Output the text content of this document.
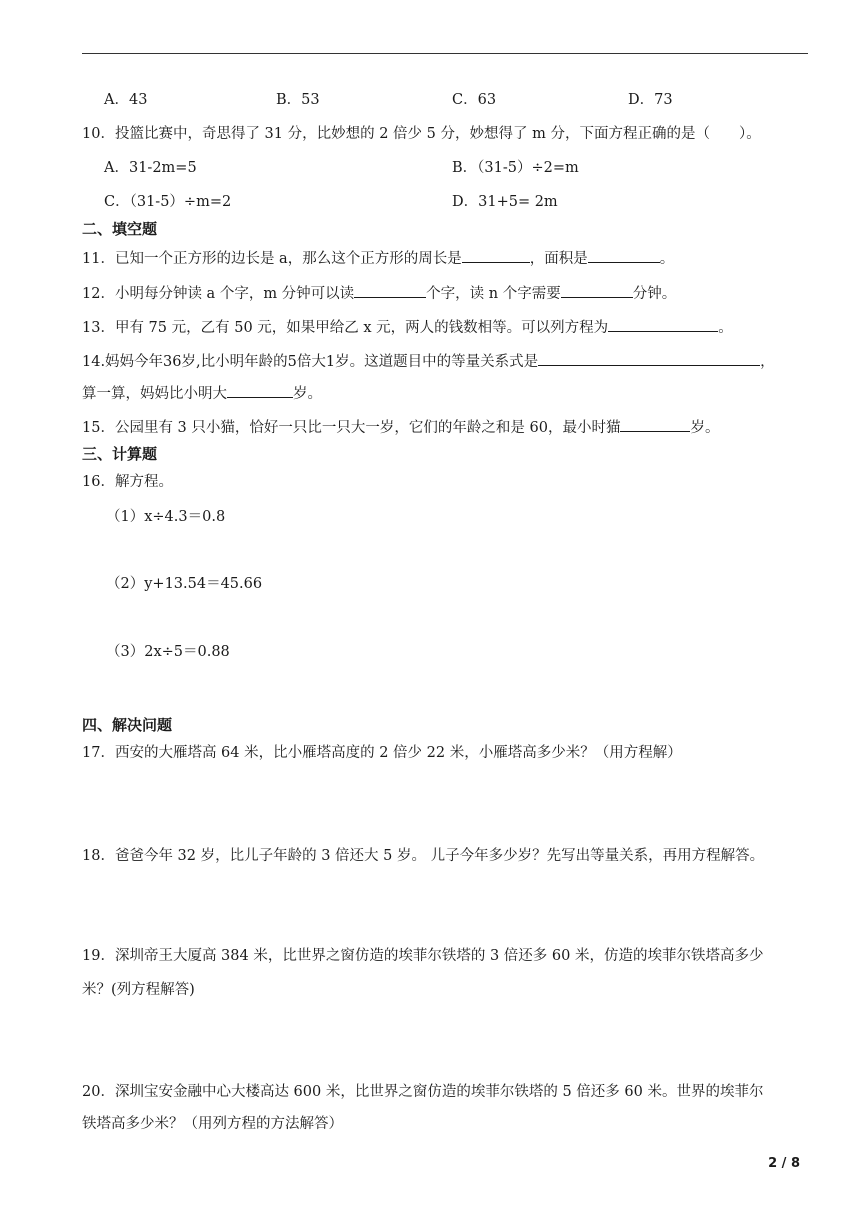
A．43	B．53	C．63	D．73
10．投篮比赛中，奇思得了 31 分，比妙想的 2 倍少 5 分，妙想得了 m 分，下面方程正确的是（　　）。
A．31-2m=5	B．（31-5）÷2=m
C．（31-5）÷m=2	D．31+5= 2m
二、填空题
11．已知一个正方形的边长是 a，那么这个正方形的周长是	，面积是	。
12．小明每分钟读 a 个字，m 分钟可以读	个字，读 n 个字需要	分钟。
13．甲有 75 元，乙有 50 元，如果甲给乙 x 元，两人的钱数相等。可以列方程为	。
14.妈妈今年36岁,比小明年龄的5倍大1岁。这道题目中的等量关系式是	，
算一算，妈妈比小明大	岁。
15．公园里有 3 只小猫，恰好一只比一只大一岁，它们的年龄之和是 60，最小时猫	岁。
三、计算题
16．解方程。
（1）x÷4.3＝0.8
（2）y+13.54＝45.66
（3）2x÷5＝0.88
四、解决问题
17．西安的大雁塔高 64 米，比小雁塔高度的 2 倍少 22 米，小雁塔高多少米？（用方程解）
18．爸爸今年 32 岁，比儿子年龄的 3 倍还大 5 岁。 儿子今年多少岁？先写出等量关系，再用方程解答。
19．深圳帝王大厦高 384 米，比世界之窗仿造的埃菲尔铁塔的 3 倍还多 60 米，仿造的埃菲尔铁塔高多少
米？(列方程解答)
20．深圳宝安金融中心大楼高达 600 米，比世界之窗仿造的埃菲尔铁塔的 5 倍还多 60 米。世界的埃菲尔
铁塔高多少米？（用列方程的方法解答）
2 / 8
